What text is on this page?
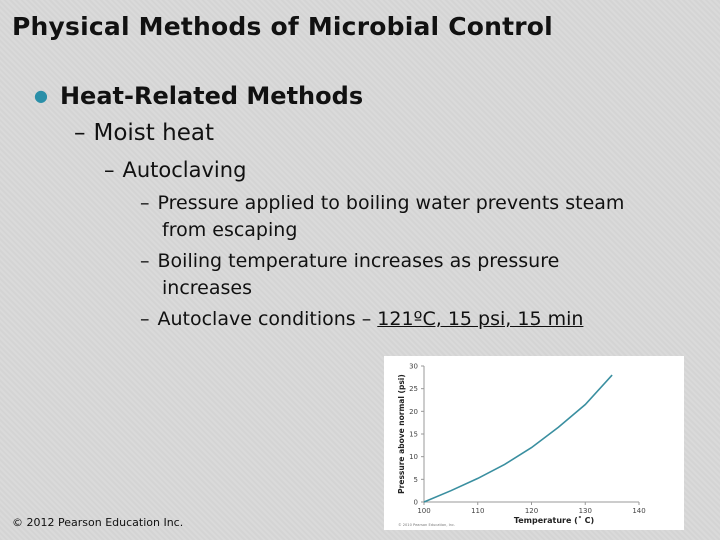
Physical Methods of Microbial Control
● Heat-Related Methods
– Moist heat
– Autoclaving
– Pressure applied to boiling water prevents steam
from escaping
– Boiling temperature increases as pressure
increases
– Autoclave conditions – 121ºC, 15 psi, 15 min
0
5
10
15
20
25
30
100	110	120	130	140
Pressure above normal (psi)
Temperature (˚ C)
© 2010 Pearson Education, Inc.
© 2012 Pearson Education Inc.
